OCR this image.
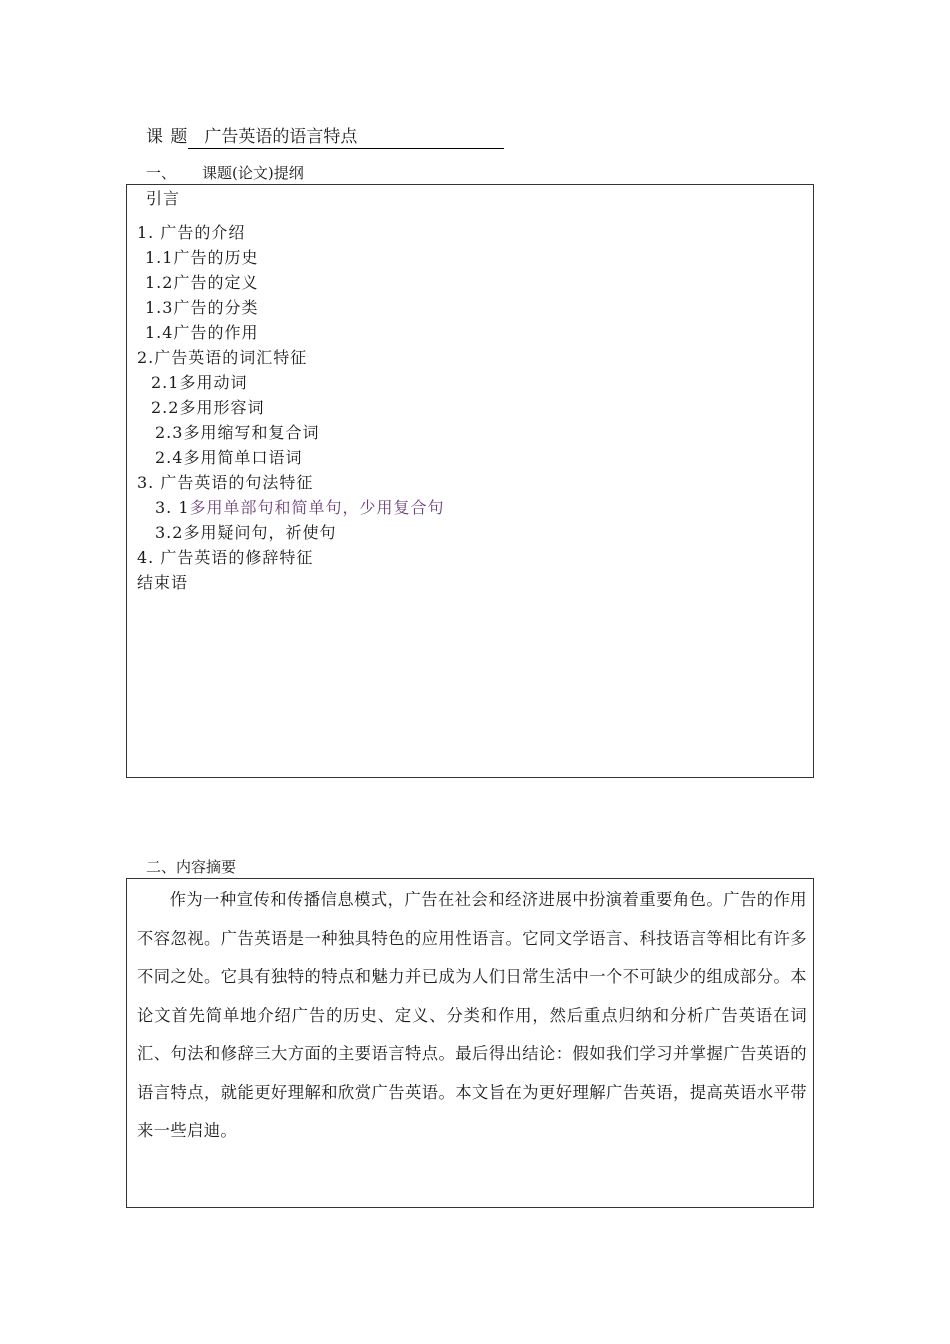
课 题 广告英语的语言特点
一、 课题(论文)提纲
引言
1. 广告的介绍
1.1广告的历史
1.2广告的定义
1.3广告的分类
1.4广告的作用
2.广告英语的词汇特征
2.1多用动词
2.2多用形容词
2.3多用缩写和复合词
2.4多用简单口语词
3. 广告英语的句法特征
3. 1多用单部句和简单句，少用复合句
3.2多用疑问句，祈使句
4. 广告英语的修辞特征
结束语
二、内容摘要
作为一种宣传和传播信息模式，广告在社会和经济进展中扮演着重要角色。广告的作用不容忽视。广告英语是一种独具特色的应用性语言。它同文学语言、科技语言等相比有许多不同之处。它具有独特的特点和魅力并已成为人们日常生活中一个不可缺少的组成部分。本论文首先简单地介绍广告的历史、定义、分类和作用，然后重点归纳和分析广告英语在词汇、句法和修辞三大方面的主要语言特点。最后得出结论：假如我们学习并掌握广告英语的语言特点，就能更好理解和欣赏广告英语。本文旨在为更好理解广告英语，提高英语水平带来一些启迪。
